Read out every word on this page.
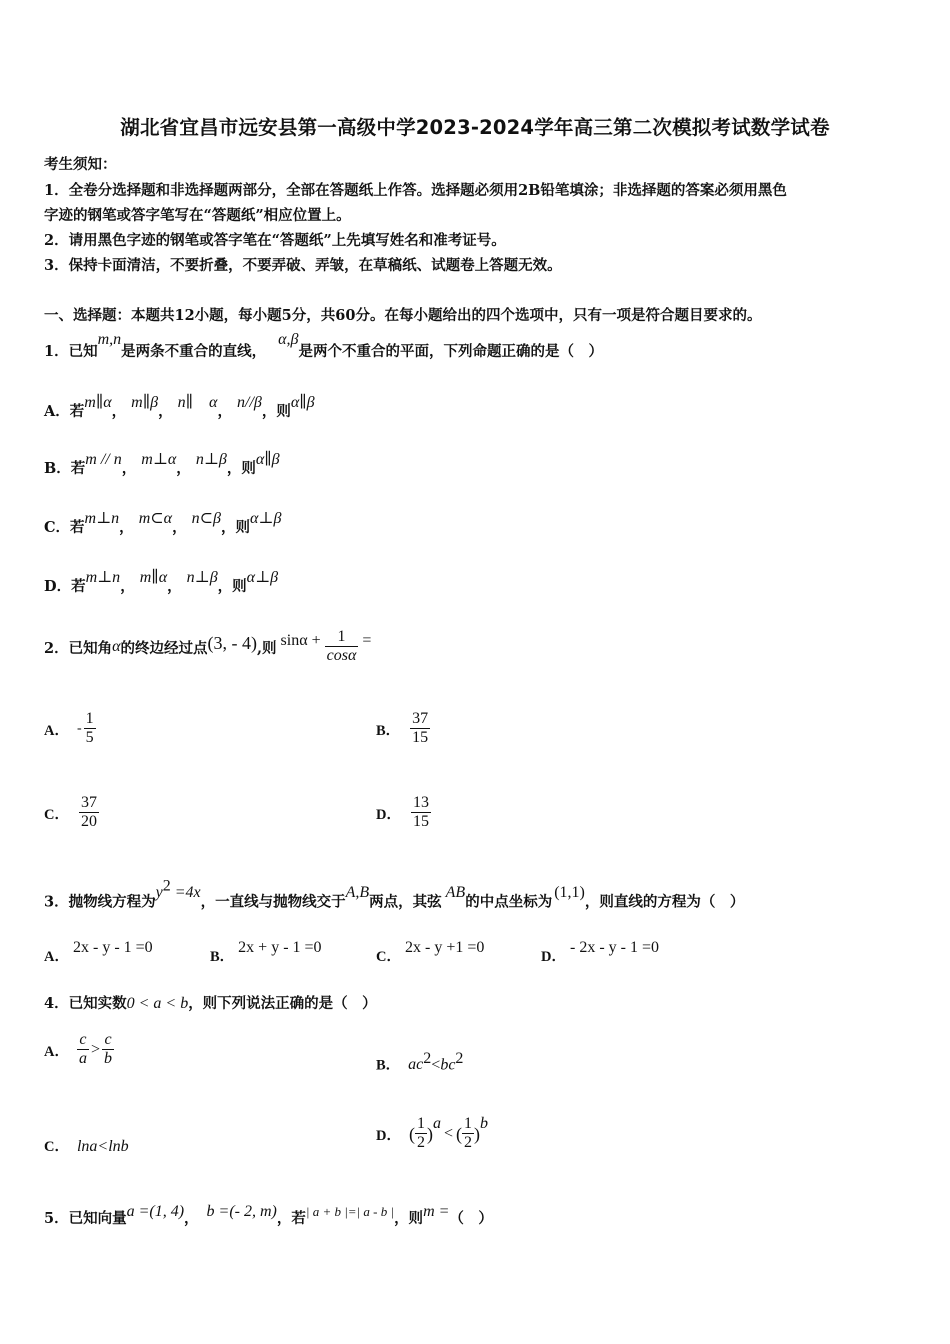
湖北省宜昌市远安县第一高级中学2023-2024学年高三第二次模拟考试数学试卷
考生须知：
1．全卷分选择题和非选择题两部分，全部在答题纸上作答。选择题必须用2B铅笔填涂；非选择题的答案必须用黑色
字迹的钢笔或答字笔写在“答题纸”相应位置上。
2．请用黑色字迹的钢笔或答字笔在“答题纸”上先填写姓名和准考证号。
3．保持卡面清洁，不要折叠，不要弄破、弄皱，在草稿纸、试题卷上答题无效。
一、选择题：本题共12小题，每小题5分，共60分。在每小题给出的四个选项中，只有一项是符合题目要求的。
1．已知m,n是两条不重合的直线，α,β是两个不重合的平面，下列命题正确的是（　）
A．若m∥α， m∥β， n∥　α， n//β，则α∥β
B．若m // n， m⊥α， n⊥β，则α∥β
C．若m⊥n， m⊂α， n⊂β，则α⊥β
D．若m⊥n， m∥α， n⊥β，则α⊥β
2．已知角 α 的终边经过点 (3, - 4) ,则 $\sin\alpha + \frac{1}{\cos\alpha}$ =
A． - $\frac{1}{5}$	B． $\frac{37}{15}$
C． $\frac{37}{20}$	D． $\frac{13}{15}$
3．抛物线方程为$y^2 =4x$，一直线与抛物线交于A,B两点，其弦AB的中点坐标为(1,1)，则直线的方程为（　）
A．2x - y - 1 =0
B．2x + y - 1 =0
C．2x - y +1 =0
D．- 2x - y - 1 =0
4．已知实数0 < a < b，则下列说法正确的是（　）
A． $\frac{c}{a} > \frac{c}{b}$	B． $ac^2<bc^2$
C． lna<lnb
D． ( $\frac{1}{2} )^a$
< ( $\frac{1}{2} )^b$
5．已知向量a =(1, 4)， b =(- 2, m)，若| a + b |=| a - b |，则m =（　）
